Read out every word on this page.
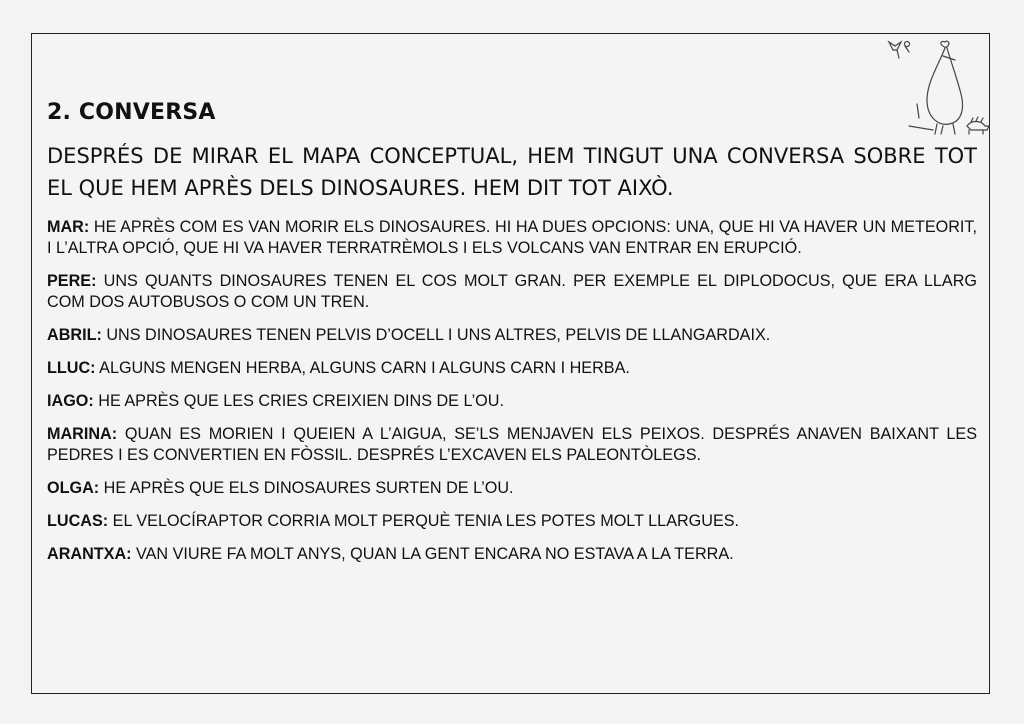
2. CONVERSA

DESPRÉS DE MIRAR EL MAPA CONCEPTUAL, HEM TINGUT UNA CONVERSA SOBRE TOT EL QUE HEM APRÈS DELS DINOSAURES. HEM DIT TOT AIXÒ.

MAR: HE APRÈS COM ES VAN MORIR ELS DINOSAURES. HI HA DUES OPCIONS: UNA, QUE HI VA HAVER UN METEORIT, I L’ALTRA OPCIÓ, QUE HI VA HAVER TERRATRÈMOLS I ELS VOLCANS VAN ENTRAR EN ERUPCIÓ.

PERE: UNS QUANTS DINOSAURES TENEN EL COS MOLT GRAN. PER EXEMPLE EL DIPLODOCUS, QUE ERA LLARG COM DOS AUTOBUSOS O COM UN TREN.

ABRIL: UNS DINOSAURES TENEN PELVIS D’OCELL I UNS ALTRES, PELVIS DE LLANGARDAIX.

LLUC: ALGUNS MENGEN HERBA, ALGUNS CARN I ALGUNS CARN I HERBA.

IAGO: HE APRÈS QUE LES CRIES CREIXIEN DINS DE L’OU.

MARINA: QUAN ES MORIEN I QUEIEN A L’AIGUA, SE’LS MENJAVEN ELS PEIXOS. DESPRÉS ANAVEN BAIXANT LES PEDRES I ES CONVERTIEN EN FÒSSIL. DESPRÉS L’EXCAVEN ELS PALEONTÒLEGS.

OLGA: HE APRÈS QUE ELS DINOSAURES SURTEN DE L’OU.

LUCAS: EL VELOCÍRAPTOR CORRIA MOLT PERQUÈ TENIA LES POTES MOLT LLARGUES.

ARANTXA: VAN VIURE FA MOLT ANYS, QUAN LA GENT ENCARA NO ESTAVA A LA TERRA.
